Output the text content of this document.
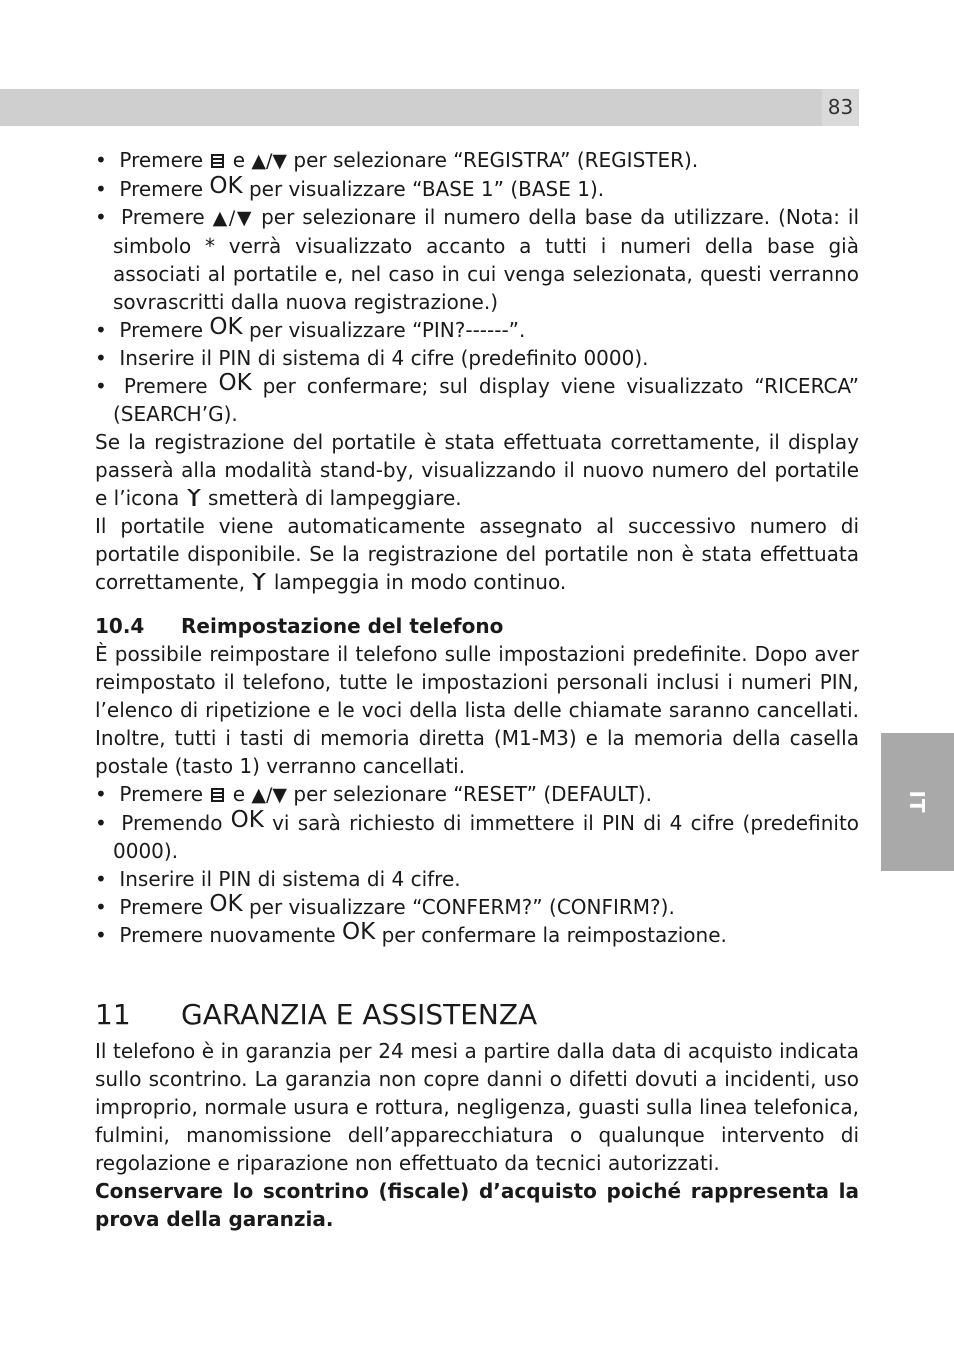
83
IT
• Premere e ▲/▼ per selezionare “REGISTRA” (REGISTER).
• Premere OK per visualizzare “BASE 1” (BASE 1).
• Premere ▲/▼ per selezionare il numero della base da utilizzare. (Nota: il simbolo * verrà visualizzato accanto a tutti i numeri della base già associati al portatile e, nel caso in cui venga selezionata, questi verranno sovrascritti dalla nuova registrazione.)
• Premere OK per visualizzare “PIN?------”.
• Inserire il PIN di sistema di 4 cifre (predefinito 0000).
• Premere OK per confermare; sul display viene visualizzato “RICERCA” (SEARCH’G).
Se la registrazione del portatile è stata effettuata correttamente, il display passerà alla modalità stand-by, visualizzando il nuovo numero del portatile e l’icona smetterà di lampeggiare.
Il portatile viene automaticamente assegnato al successivo numero di portatile disponibile. Se la registrazione del portatile non è stata effettuata correttamente, lampeggia in modo continuo.
10.4 Reimpostazione del telefono
È possibile reimpostare il telefono sulle impostazioni predefinite. Dopo aver reimpostato il telefono, tutte le impostazioni personali inclusi i numeri PIN, l’elenco di ripetizione e le voci della lista delle chiamate saranno cancellati. Inoltre, tutti i tasti di memoria diretta (M1-M3) e la memoria della casella postale (tasto 1) verranno cancellati.
• Premere e ▲/▼ per selezionare “RESET” (DEFAULT).
• Premendo OK vi sarà richiesto di immettere il PIN di 4 cifre (predefinito 0000).
• Inserire il PIN di sistema di 4 cifre.
• Premere OK per visualizzare “CONFERM?” (CONFIRM?).
• Premere nuovamente OK per confermare la reimpostazione.
11 GARANZIA E ASSISTENZA
Il telefono è in garanzia per 24 mesi a partire dalla data di acquisto indicata sullo scontrino. La garanzia non copre danni o difetti dovuti a incidenti, uso improprio, normale usura e rottura, negligenza, guasti sulla linea telefonica, fulmini, manomissione dell’apparecchiatura o qualunque intervento di regolazione e riparazione non effettuato da tecnici autorizzati.
Conservare lo scontrino (fiscale) d’acquisto poiché rappresenta la prova della garanzia.
